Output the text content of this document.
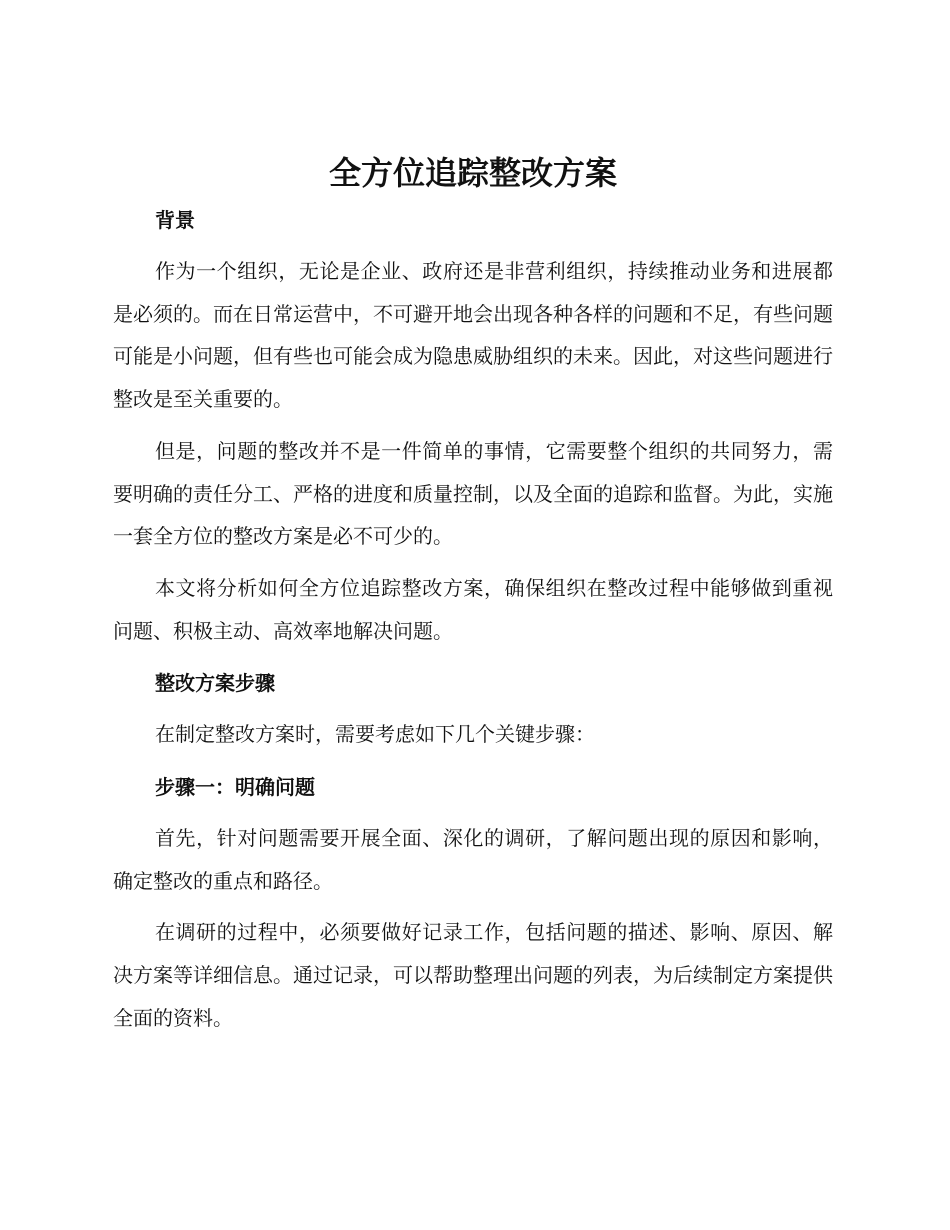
全方位追踪整改方案
背景

作为一个组织，无论是企业、政府还是非营利组织，持续推动业务和进展都是必须的。而在日常运营中，不可避开地会出现各种各样的问题和不足，有些问题可能是小问题，但有些也可能会成为隐患威胁组织的未来。因此，对这些问题进行整改是至关重要的。

但是，问题的整改并不是一件简单的事情，它需要整个组织的共同努力，需要明确的责任分工、严格的进度和质量控制，以及全面的追踪和监督。为此，实施一套全方位的整改方案是必不可少的。

本文将分析如何全方位追踪整改方案，确保组织在整改过程中能够做到重视问题、积极主动、高效率地解决问题。

整改方案步骤

在制定整改方案时，需要考虑如下几个关键步骤：

步骤一：明确问题

首先，针对问题需要开展全面、深化的调研，了解问题出现的原因和影响，确定整改的重点和路径。

在调研的过程中，必须要做好记录工作，包括问题的描述、影响、原因、解决方案等详细信息。通过记录，可以帮助整理出问题的列表，为后续制定方案提供全面的资料。
